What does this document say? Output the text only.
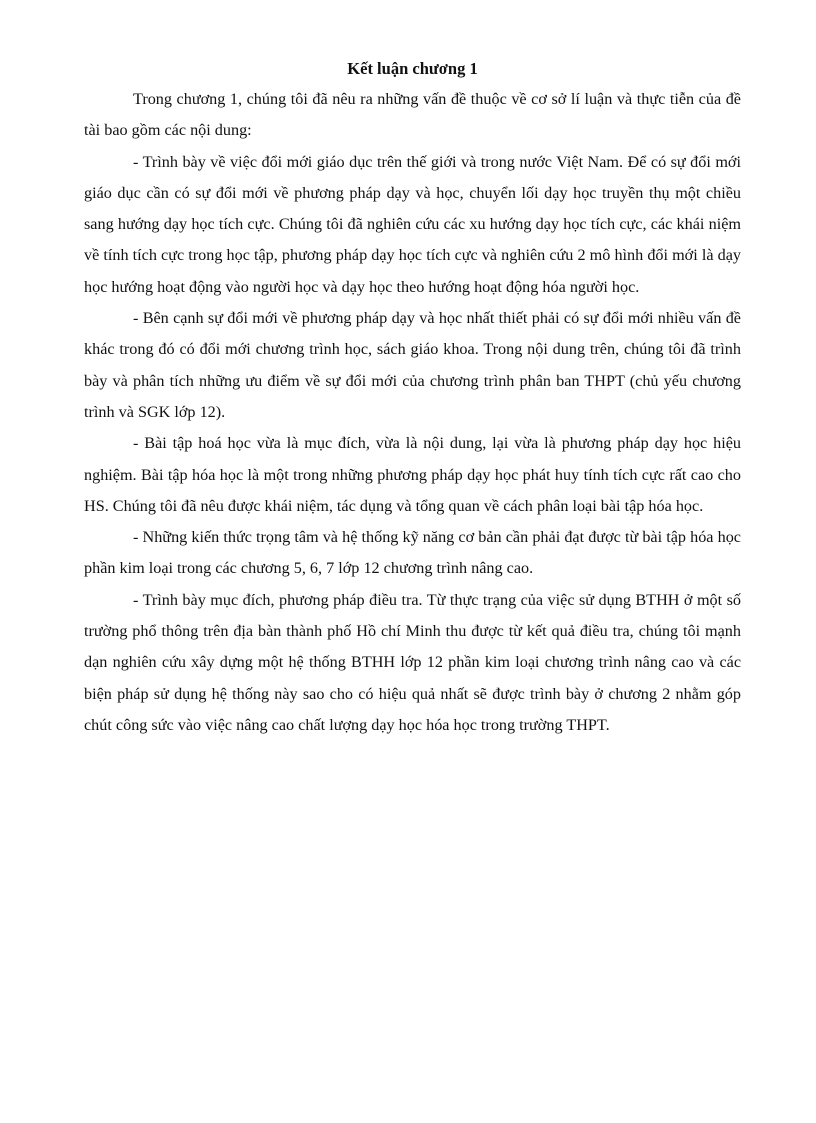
Kết luận chương 1

Trong chương 1, chúng tôi đã nêu ra những vấn đề thuộc về cơ sở lí luận và thực tiễn của đề tài bao gồm các nội dung:

- Trình bày về việc đổi mới giáo dục trên thế giới và trong nước Việt Nam. Để có sự đổi mới giáo dục cần có sự đổi mới về phương pháp dạy và học, chuyển lối dạy học truyền thụ một chiều sang hướng dạy học tích cực. Chúng tôi đã nghiên cứu các xu hướng dạy học tích cực, các khái niệm về tính tích cực trong học tập, phương pháp dạy học tích cực và nghiên cứu 2 mô hình đổi mới là dạy học hướng hoạt động vào người học và dạy học theo hướng hoạt động hóa người học.

- Bên cạnh sự đổi mới về phương pháp dạy và học nhất thiết phải có sự đổi mới nhiều vấn đề khác trong đó có đổi mới chương trình học, sách giáo khoa. Trong nội dung trên, chúng tôi đã trình bày và phân tích những ưu điểm về sự đổi mới của chương trình phân ban THPT (chủ yếu chương trình và SGK lớp 12).

- Bài tập hoá học vừa là mục đích, vừa là nội dung, lại vừa là phương pháp dạy học hiệu nghiệm. Bài tập hóa học là một trong những phương pháp dạy học phát huy tính tích cực rất cao cho HS. Chúng tôi đã nêu được khái niệm, tác dụng và tổng quan về cách phân loại bài tập hóa học.

- Những kiến thức trọng tâm và hệ thống kỹ năng cơ bản cần phải đạt được từ bài tập hóa học phần kim loại trong các chương 5, 6, 7 lớp 12 chương trình nâng cao.

- Trình bày mục đích, phương pháp điều tra. Từ thực trạng của việc sử dụng BTHH ở một số trường phổ thông trên địa bàn thành phố Hồ chí Minh thu được từ kết quả điều tra, chúng tôi mạnh dạn nghiên cứu xây dựng một hệ thống BTHH lớp 12 phần kim loại chương trình nâng cao và các biện pháp sử dụng hệ thống này sao cho có hiệu quả nhất sẽ được trình bày ở chương 2 nhằm góp chút công sức vào việc nâng cao chất lượng dạy học hóa học trong trường THPT.
